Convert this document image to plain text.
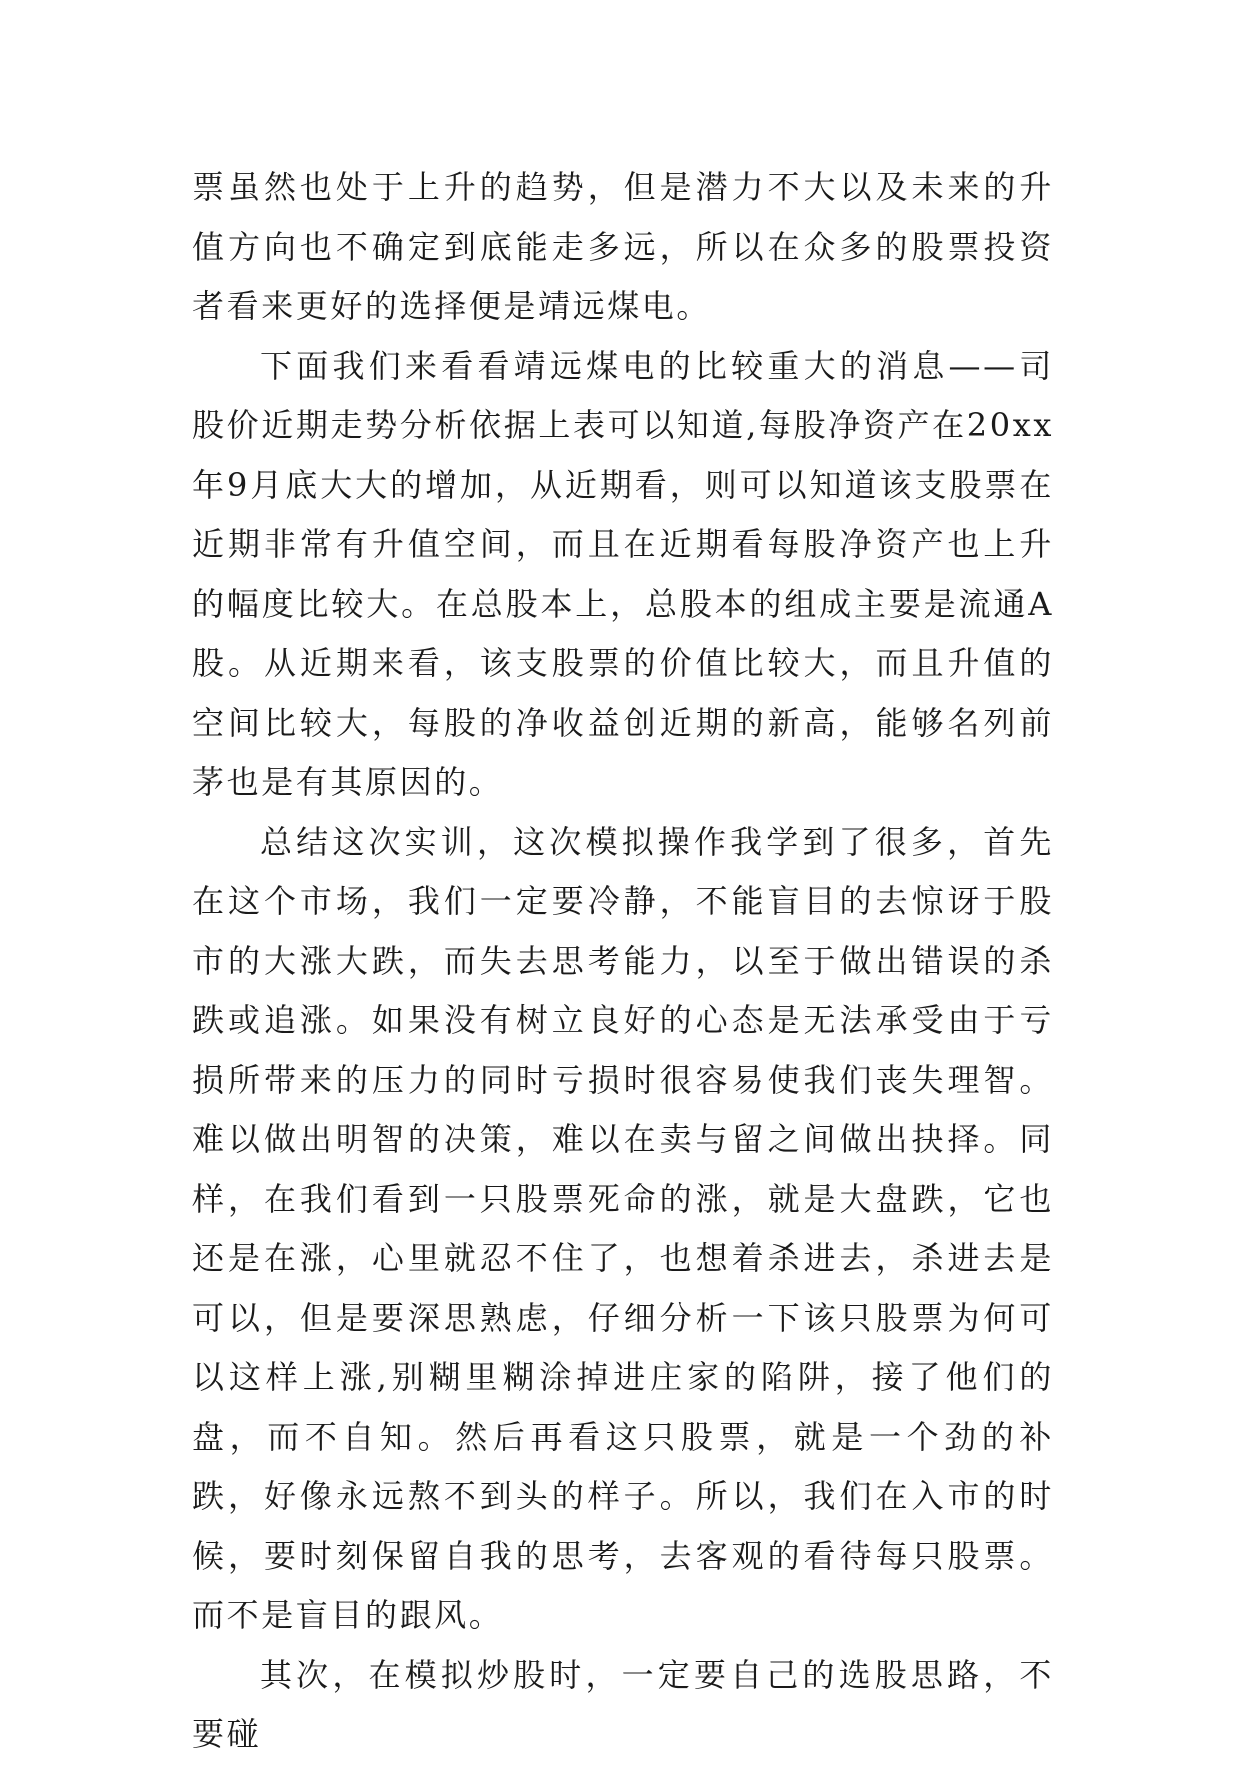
票虽然也处于上升的趋势，但是潜力不大以及未来的升值方向也不确定到底能走多远，所以在众多的股票投资者看来更好的选择便是靖远煤电。

下面我们来看看靖远煤电的比较重大的消息——司股价近期走势分析依据上表可以知道,每股净资产在20xx年9月底大大的增加，从近期看，则可以知道该支股票在近期非常有升值空间，而且在近期看每股净资产也上升的幅度比较大。在总股本上，总股本的组成主要是流通A股。从近期来看，该支股票的价值比较大，而且升值的空间比较大，每股的净收益创近期的新高，能够名列前茅也是有其原因的。

总结这次实训，这次模拟操作我学到了很多，首先在这个市场，我们一定要冷静，不能盲目的去惊讶于股市的大涨大跌，而失去思考能力，以至于做出错误的杀跌或追涨。如果没有树立良好的心态是无法承受由于亏损所带来的压力的同时亏损时很容易使我们丧失理智。难以做出明智的决策，难以在卖与留之间做出抉择。同样，在我们看到一只股票死命的涨，就是大盘跌，它也还是在涨，心里就忍不住了，也想着杀进去，杀进去是可以，但是要深思熟虑，仔细分析一下该只股票为何可以这样上涨,别糊里糊涂掉进庄家的陷阱，接了他们的盘，而不自知。然后再看这只股票，就是一个劲的补跌，好像永远熬不到头的样子。所以，我们在入市的时候，要时刻保留自我的思考，去客观的看待每只股票。而不是盲目的跟风。

其次，在模拟炒股时，一定要自己的选股思路，不要碰
